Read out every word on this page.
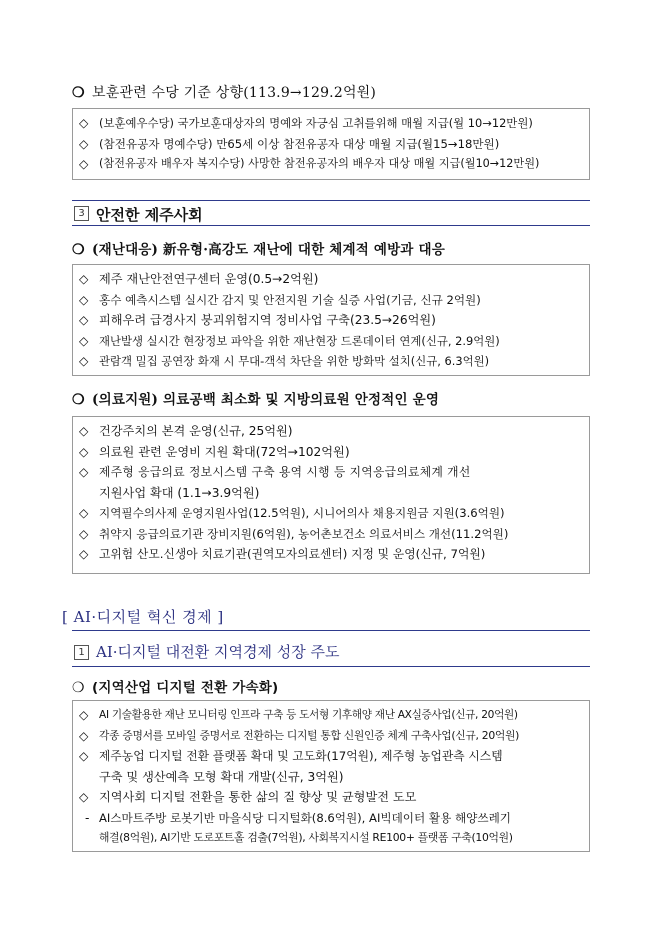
❍ 보훈관련 수당 기준 상향(113.9→129.2억원)
◇ (보훈예우수당) 국가보훈대상자의 명예와 자긍심 고취를위해 매월 지급(월 10→12만원)
◇ (참전유공자 명예수당) 만65세 이상 참전유공자 대상 매월 지급(월15→18만원)
◇ (참전유공자 배우자 복지수당) 사망한 참전유공자의 배우자 대상 매월 지급(월10→12만원)
3 안전한 제주사회
❍ (재난대응) 新유형·高강도 재난에 대한 체계적 예방과 대응
◇ 제주 재난안전연구센터 운영(0.5→2억원)
◇ 홍수 예측시스템 실시간 감지 및 안전지원 기술 실증 사업(기금, 신규 2억원)
◇ 피해우려 급경사지 붕괴위험지역 정비사업 구축(23.5→26억원)
◇ 재난발생 실시간 현장정보 파악을 위한 재난현장 드론데이터 연계(신규, 2.9억원)
◇ 관람객 밀집 공연장 화재 시 무대-객석 차단을 위한 방화막 설치(신규, 6.3억원)
❍ (의료지원) 의료공백 최소화 및 지방의료원 안정적인 운영
◇ 건강주치의 본격 운영(신규, 25억원)
◇ 의료원 관련 운영비 지원 확대(72억→102억원)
◇ 제주형 응급의료 정보시스템 구축 용역 시행 등 지역응급의료체계 개선
지원사업 확대 (1.1→3.9억원)
◇ 지역필수의사제 운영지원사업(12.5억원), 시니어의사 채용지원금 지원(3.6억원)
◇ 취약지 응급의료기관 장비지원(6억원), 농어촌보건소 의료서비스 개선(11.2억원)
◇ 고위험 산모.신생아 치료기관(권역모자의료센터) 지정 및 운영(신규, 7억원)
[ AI·디지털 혁신 경제 ]
1 AI·디지털 대전환 지역경제 성장 주도
❍ (지역산업 디지털 전환 가속화)
◇	AI 기술활용한 재난 모니터링 인프라 구축 등 도서형 기후해양 재난 AX실증사업(신규, 20억원)
◇ 각종 증명서를 모바일 증명서로 전환하는 디지털 통합 신원인증 체계 구축사업(신규, 20억원)
◇ 제주농업 디지털 전환 플랫폼 확대 및 고도화(17억원), 제주형 농업관측 시스템
구축 및 생산예측 모형 확대 개발(신규, 3억원)
◇ 지역사회 디지털 전환을 통한 삶의 질 향상 및 균형발전 도모
- AI스마트주방 로봇기반 마을식당 디지털화(8.6억원), AI빅데이터 활용 해양쓰레기
해결(8억원), AI기반 도로포트홀 검출(7억원), 사회복지시설 RE100+ 플랫폼 구축(10억원)
